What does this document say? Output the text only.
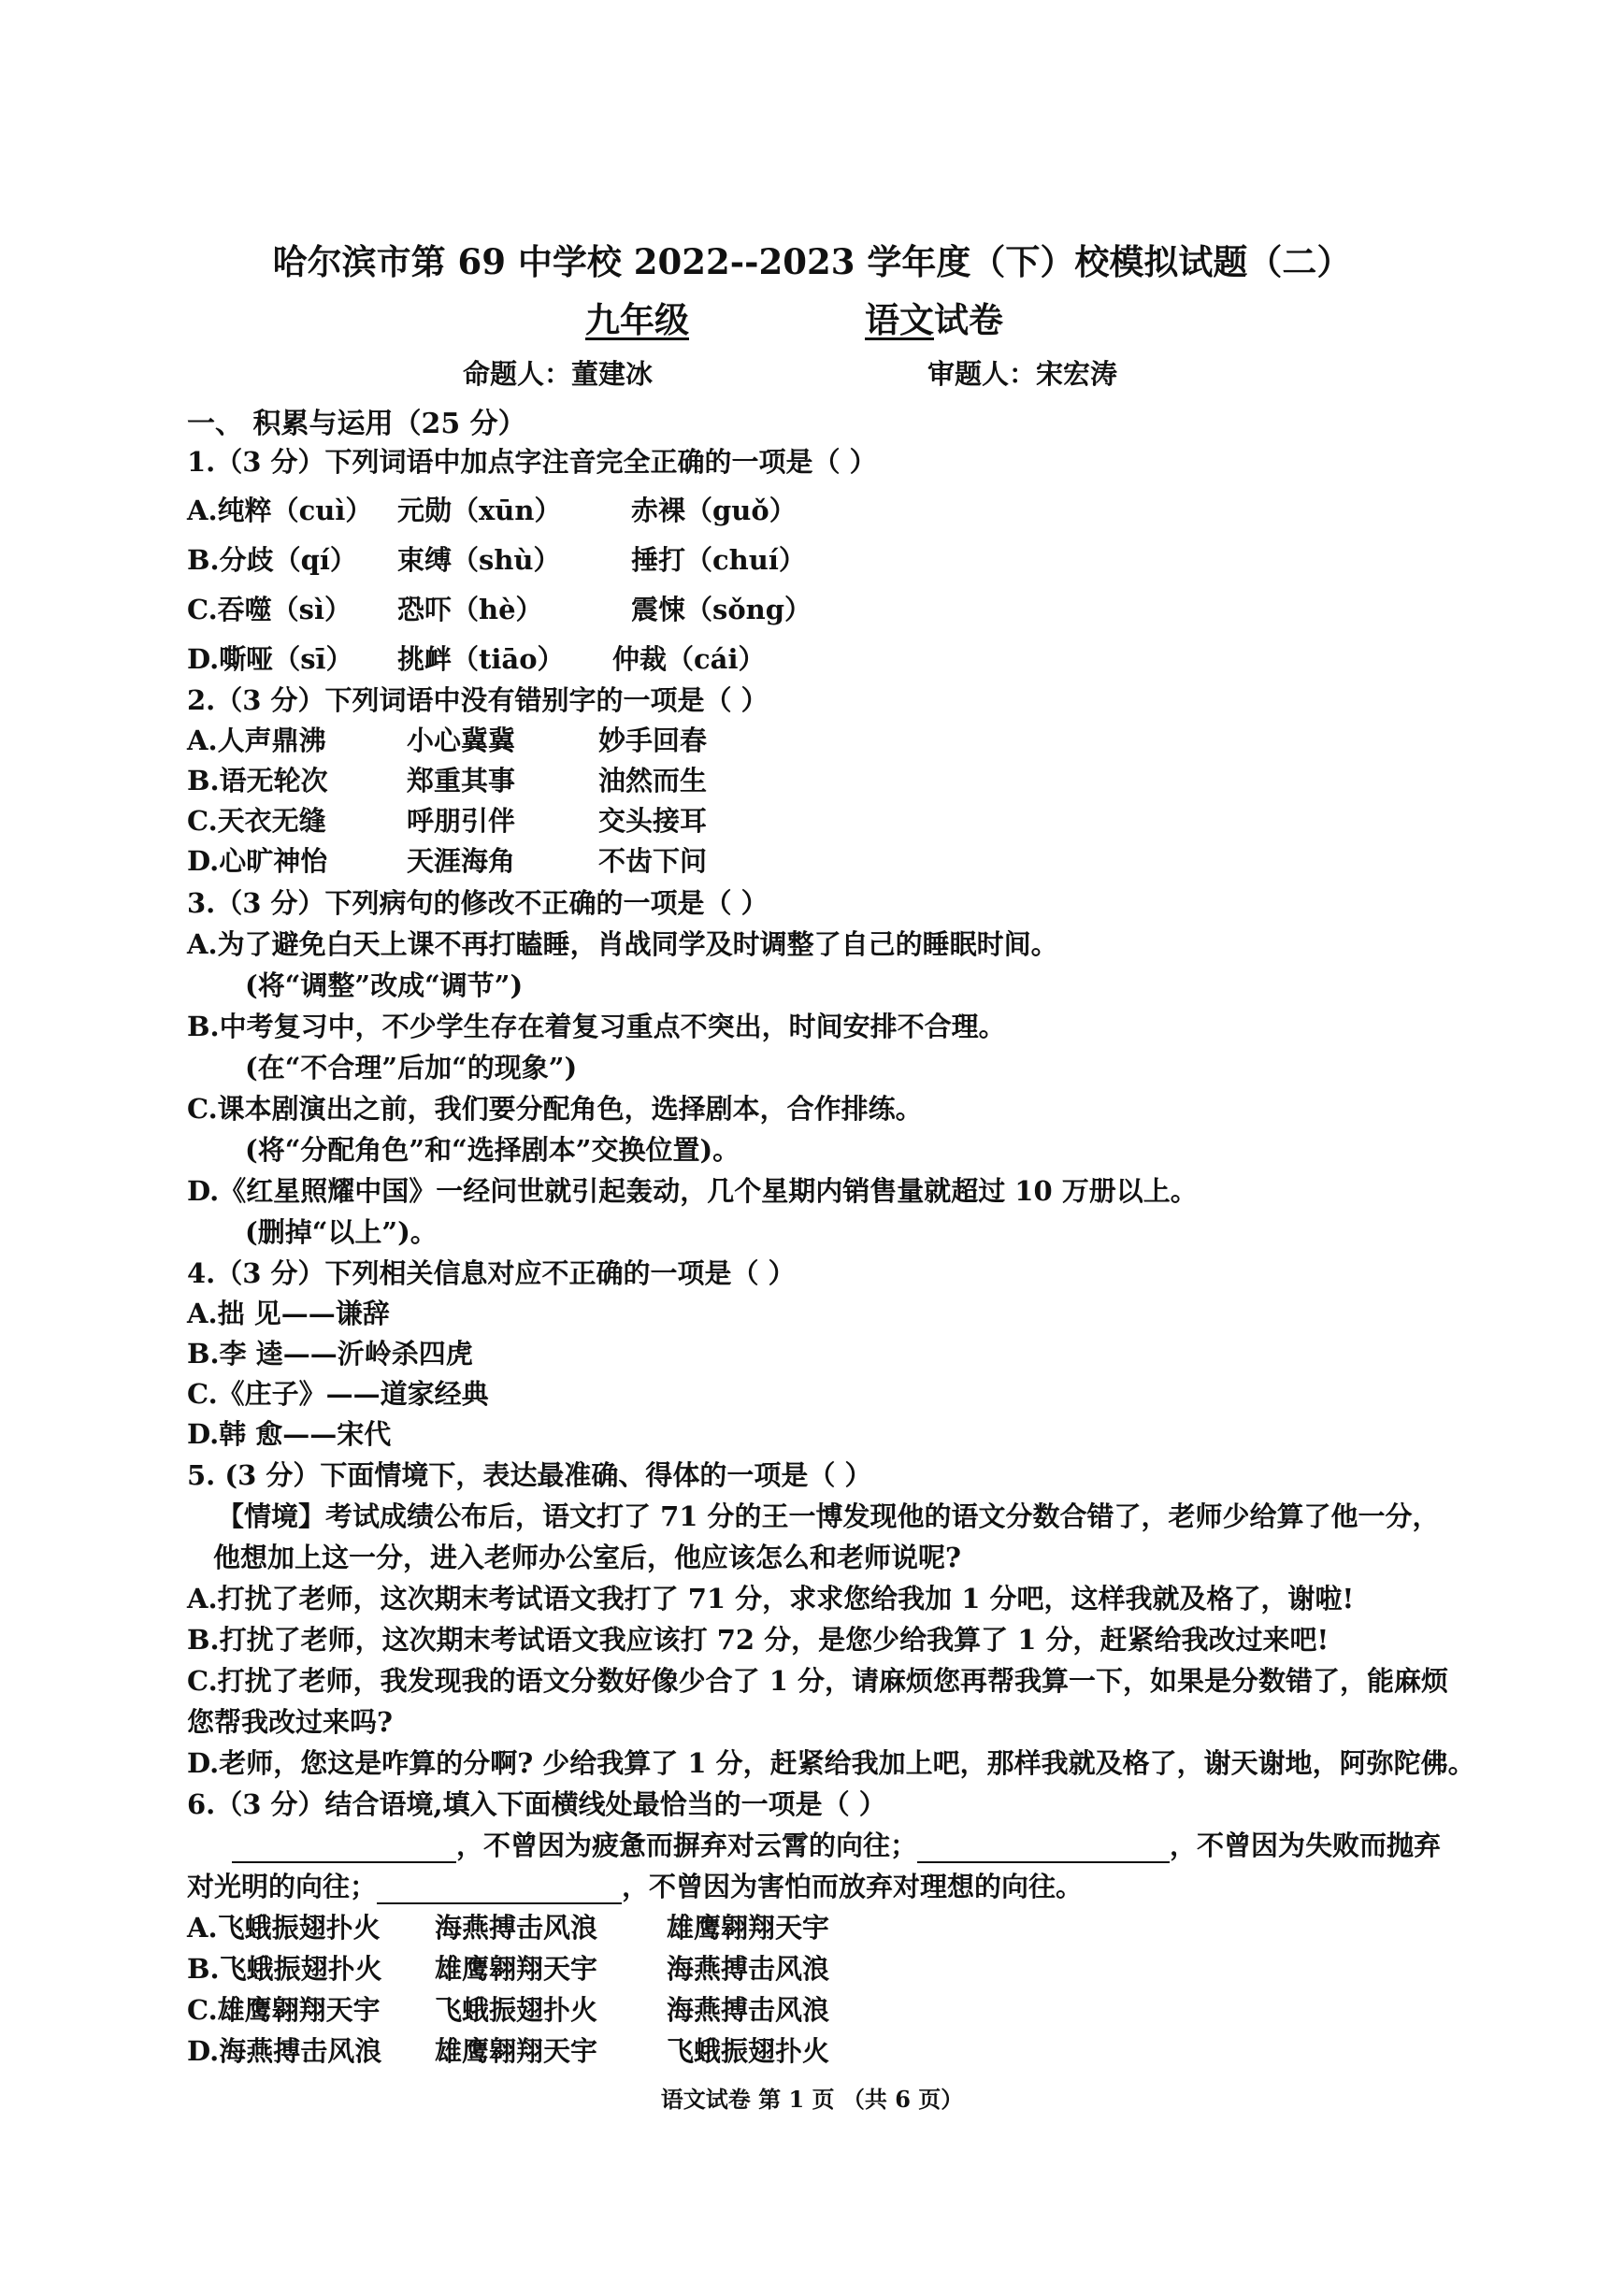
哈尔滨市第 69 中学校 2022--2023 学年度（下）校模拟试题（二）
九年级	语文试卷
命题人：董建冰	审题人：宋宏涛
一、 积累与运用（25 分）
1.（3 分）下列词语中加点字注音完全正确的一项是（ ）
A.纯粹（cuì） 元勋（xūn）	赤裸（guǒ）
B.分歧（qí） 束缚（shù）	捶打（chuí）
C.吞噬（sì） 恐吓（hè）	震悚（sǒng）
D.嘶哑（sī） 挑衅（tiāo） 仲裁（cái）
2.（3 分）下列词语中没有错别字的一项是（ ）
A.人声鼎沸	小心冀冀	妙手回春
B.语无轮次	郑重其事	油然而生
C.天衣无缝	呼朋引伴	交头接耳
D.心旷神怡	天涯海角	不齿下问
3.（3 分）下列病句的修改不正确的一项是（ ）
A.为了避免白天上课不再打瞌睡，肖战同学及时调整了自己的睡眠时间。
(将“调整”改成“调节”)
B.中考复习中，不少学生存在着复习重点不突出，时间安排不合理。
(在“不合理”后加“的现象”)
C.课本剧演出之前，我们要分配角色，选择剧本，合作排练。
(将“分配角色”和“选择剧本”交换位置)。
D.《红星照耀中国》一经问世就引起轰动，几个星期内销售量就超过 10 万册以上。
(删掉“以上”)。
4.（3 分）下列相关信息对应不正确的一项是（ ）
A.拙 见——谦辞
B.李 逵——沂岭杀四虎
C.《庄子》——道家经典
D.韩 愈——宋代
5. (3 分）下面情境下，表达最准确、得体的一项是（ ）
【情境】考试成绩公布后，语文打了 71 分的王一博发现他的语文分数合错了，老师少给算了他一分，
他想加上这一分，进入老师办公室后，他应该怎么和老师说呢?
A.打扰了老师，这次期末考试语文我打了 71 分，求求您给我加 1 分吧，这样我就及格了，谢啦!
B.打扰了老师，这次期末考试语文我应该打 72 分，是您少给我算了 1 分，赶紧给我改过来吧!
C.打扰了老师，我发现我的语文分数好像少合了 1 分，请麻烦您再帮我算一下，如果是分数错了，能麻烦
您帮我改过来吗?
D.老师，您这是咋算的分啊? 少给我算了 1 分，赶紧给我加上吧，那样我就及格了，谢天谢地，阿弥陀佛。
6.（3 分）结合语境,填入下面横线处最恰当的一项是（ ）
，不曾因为疲惫而摒弃对云霄的向往；	，不曾因为失败而抛弃
对光明的向往；	，不曾因为害怕而放弃对理想的向往。
A.飞蛾振翅扑火 海燕搏击风浪	雄鹰翱翔天宇
B.飞蛾振翅扑火 雄鹰翱翔天宇	海燕搏击风浪
C.雄鹰翱翔天宇 飞蛾振翅扑火	海燕搏击风浪
D.海燕搏击风浪 雄鹰翱翔天宇	飞蛾振翅扑火
语文试卷 第 1 页 （共 6 页）
